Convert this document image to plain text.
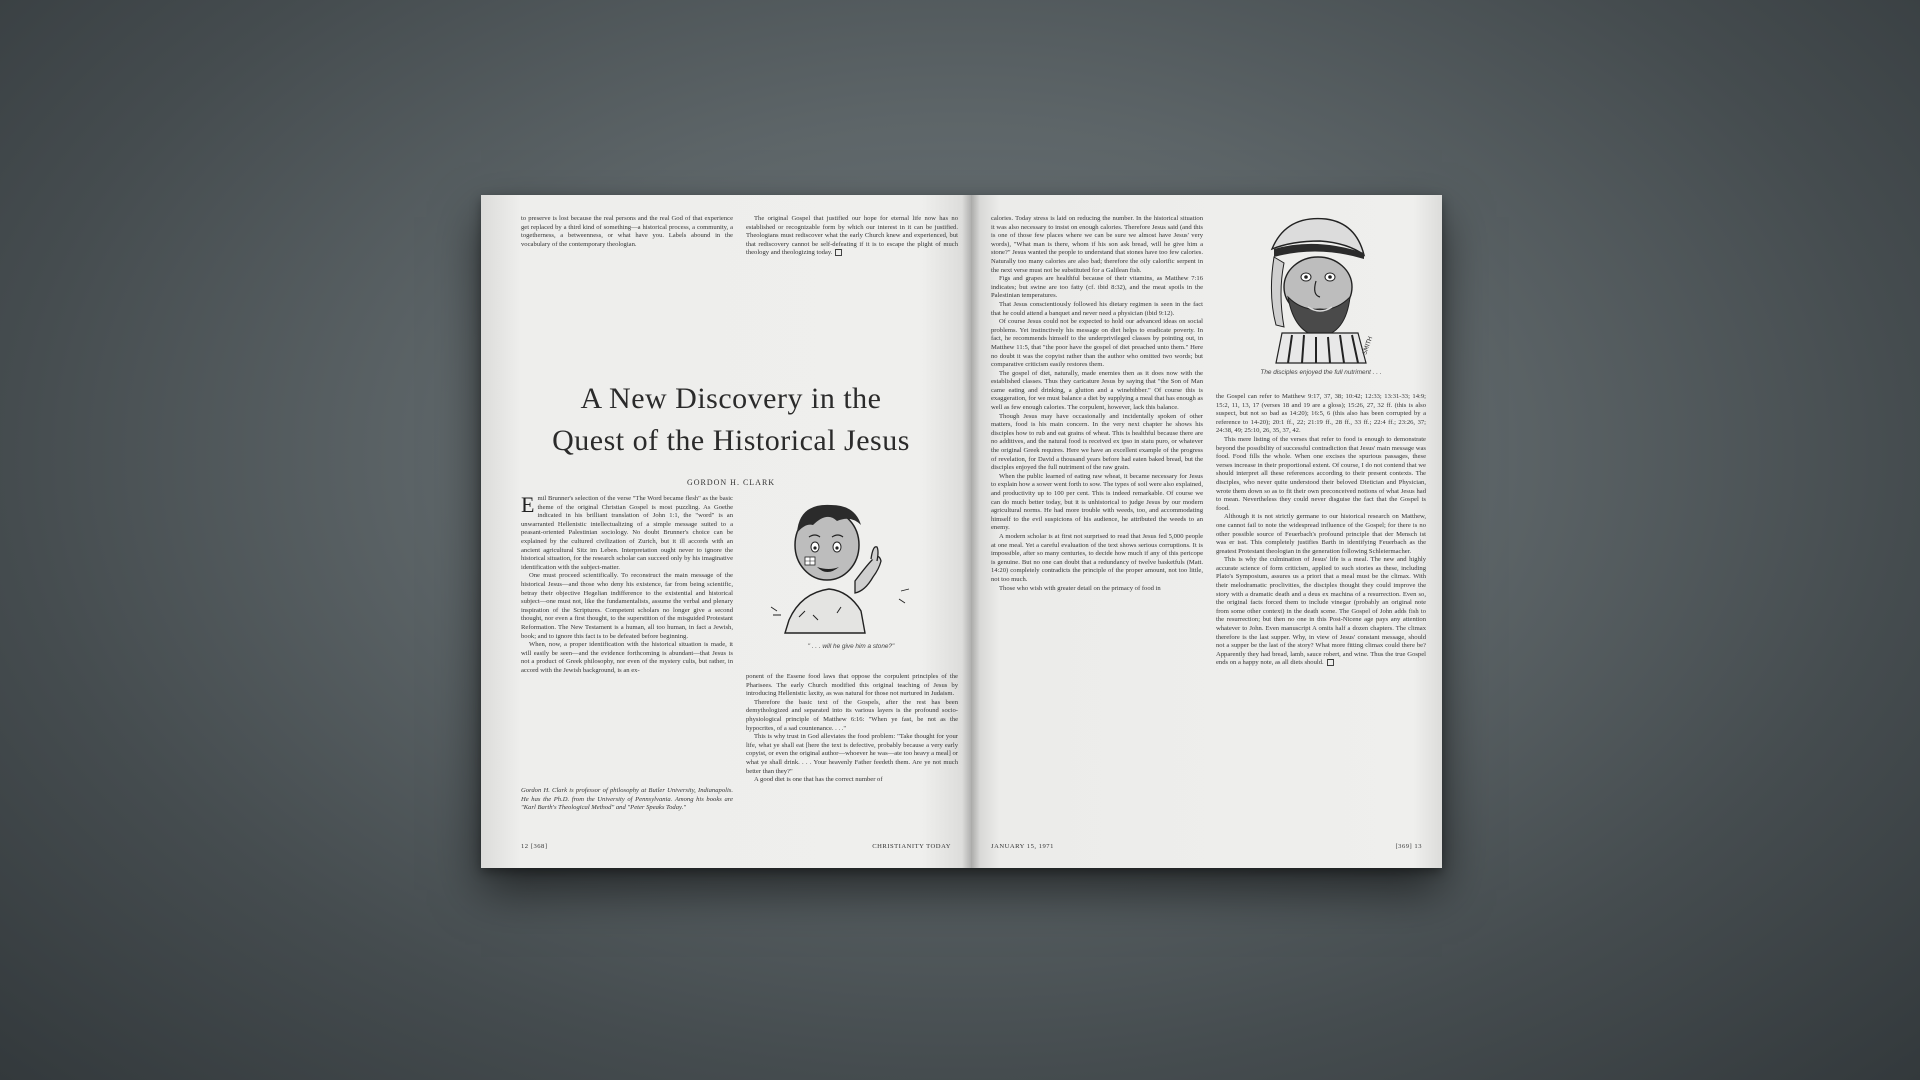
to preserve is lost because the real persons and the real God of that experience get replaced by a third kind of something—a historical process, a community, a togetherness, a betweenness, or what have you. Labels abound in the vocabulary of the contemporary theologian.

The original Gospel that justified our hope for eternal life now has no established or recognizable form by which our interest in it can be justified. Theologians must rediscover what the early Church knew and experienced, but that rediscovery cannot be self-defeating if it is to escape the plight of much theology and theologizing today.

A New Discovery in the
Quest of the Historical Jesus
GORDON H. CLARK

Emil Brunner's selection of the verse "The Word became flesh" as the basic theme of the original Christian Gospel is most puzzling. As Goethe indicated in his brilliant translation of John 1:1, the "word" is an unwarranted Hellenistic intellectualizing of a simple message suited to a peasant-oriented Palestinian sociology. No doubt Brunner's choice can be explained by the cultured civilization of Zurich, but it ill accords with an ancient agricultural Sitz im Leben. Interpretation ought never to ignore the historical situation, for the research scholar can succeed only by his imaginative identification with the subject-matter.

One must proceed scientifically. To reconstruct the main message of the historical Jesus—and those who deny his existence, far from being scientific, betray their objective Hegelian indifference to the existential and historical subject—one must not, like the fundamentalists, assume the verbal and plenary inspiration of the Scriptures. Competent scholars no longer give a second thought, nor even a first thought, to the superstition of the misguided Protestant Reformation. The New Testament is a human, all too human, in fact a Jewish, book; and to ignore this fact is to be defeated before beginning.

When, now, a proper identification with the historical situation is made, it will easily be seen—and the evidence forthcoming is abundant—that Jesus is not a product of Greek philosophy, nor even of the mystery cults, but rather, in accord with the Jewish background, is an ex-

Gordon H. Clark is professor of philosophy at Butler University, Indianapolis. He has the Ph.D. from the University of Pennsylvania. Among his books are "Karl Barth's Theological Method" and "Peter Speaks Today."
" . . . will he give him a stone?"

ponent of the Essene food laws that oppose the corpulent principles of the Pharisees. The early Church modified this original teaching of Jesus by introducing Hellenistic laxity, as was natural for those not nurtured in Judaism.

Therefore the basic text of the Gospels, after the rest has been demythologized and separated into its various layers is the profound socio-physiological principle of Matthew 6:16: "When ye fast, be not as the hypocrites, of a sad countenance. . . ."

This is why trust in God alleviates the food problem: "Take thought for your life, what ye shall eat [here the text is defective, probably because a very early copyist, or even the original author—whoever he was—ate too heavy a meal] or what ye shall drink. . . . Your heavenly Father feedeth them. Are ye not much better than they?"

A good diet is one that has the correct number of

12 [368]	CHRISTIANITY TODAY

calories. Today stress is laid on reducing the number. In the historical situation it was also necessary to insist on enough calories. Therefore Jesus said (and this is one of those few places where we can be sure we almost have Jesus' very words), "What man is there, whom if his son ask bread, will he give him a stone?" Jesus wanted the people to understand that stones have too few calories. Naturally too many calories are also bad; therefore the oily calorific serpent in the next verse must not be substituted for a Galilean fish.

Figs and grapes are healthful because of their vitamins, as Matthew 7:16 indicates; but swine are too fatty (cf. ibid 8:32), and the meat spoils in the Palestinian temperatures.

That Jesus conscientiously followed his dietary regimen is seen in the fact that he could attend a banquet and never need a physician (ibid 9:12).

Of course Jesus could not be expected to hold our advanced ideas on social problems. Yet instinctively his message on diet helps to eradicate poverty. In fact, he recommends himself to the underprivileged classes by pointing out, in Matthew 11:5, that "the poor have the gospel of diet preached unto them." Here no doubt it was the copyist rather than the author who omitted two words; but comparative criticism easily restores them.

The gospel of diet, naturally, made enemies then as it does now with the established classes. Thus they caricature Jesus by saying that "the Son of Man came eating and drinking, a glutton and a winebibber." Of course this is exaggeration, for we must balance a diet by supplying a meal that has enough as well as few enough calories. The corpulent, however, lack this balance.

Though Jesus may have occasionally and incidentally spoken of other matters, food is his main concern. In the very next chapter he shows his disciples how to rub and eat grains of wheat. This is healthful because there are no additives, and the natural food is received ex ipso in statu puro, or whatever the original Greek requires. Here we have an excellent example of the progress of revelation, for David a thousand years before had eaten baked bread, but the disciples enjoyed the full nutriment of the raw grain.

When the public learned of eating raw wheat, it became necessary for Jesus to explain how a sower went forth to sow. The types of soil were also explained, and productivity up to 100 per cent. This is indeed remarkable. Of course we can do much better today, but it is unhistorical to judge Jesus by our modern agricultural norms. He had more trouble with weeds, too, and accommodating himself to the evil suspicions of his audience, he attributed the weeds to an enemy.

A modern scholar is at first not surprised to read that Jesus fed 5,000 people at one meal. Yet a careful evaluation of the text shows serious corruptions. It is impossible, after so many centuries, to decide how much if any of this pericope is genuine. But no one can doubt that a redundancy of twelve basketfuls (Matt. 14:20) completely contradicts the principle of the proper amount, not too little, not too much.

Those who wish with greater detail on the primacy of food in

SMITH
The disciples enjoyed the full nutriment . . .

the Gospel can refer to Matthew 9:17, 37, 38; 10:42; 12:33; 13:31-33; 14:9; 15:2, 11, 13, 17 (verses 18 and 19 are a gloss); 15:26, 27, 32 ff. (this is also suspect, but not so bad as 14:20); 16:5, 6 (this also has been corrupted by a reference to 14-20); 20:1 ff., 22; 21:19 ff., 28 ff., 33 ff.; 22:4 ff.; 23:26, 37; 24:38, 49; 25:10, 26, 35, 37, 42.

This mere listing of the verses that refer to food is enough to demonstrate beyond the possibility of successful contradiction that Jesus' main message was food. Food fills the whole. When one excises the spurious passages, these verses increase in their proportional extent. Of course, I do not contend that we should interpret all these references according to their present contexts. The disciples, who never quite understood their beloved Dietician and Physician, wrote them down so as to fit their own preconceived notions of what Jesus had to mean. Nevertheless they could never disguise the fact that the Gospel is food.

Although it is not strictly germane to our historical research on Matthew, one cannot fail to note the widespread influence of the Gospel; for there is no other possible source of Feuerbach's profound principle that der Mensch ist was er isst. This completely justifies Barth in identifying Feuerbach as the greatest Protestant theologian in the generation following Schleiermacher.

This is why the culmination of Jesus' life is a meal. The new and highly accurate science of form criticism, applied to such stories as these, including Plato's Symposium, assures us a priori that a meal must be the climax. With their melodramatic proclivities, the disciples thought they could improve the story with a dramatic death and a deus ex machina of a resurrection. Even so, the original facts forced them to include vinegar (probably an original note from some other context) in the death scene. The Gospel of John adds fish to the resurrection; but then no one in this Post-Nicene age pays any attention whatever to John. Even manuscript A omits half a dozen chapters. The climax therefore is the last supper. Why, in view of Jesus' constant message, should not a supper be the last of the story? What more fitting climax could there be? Apparently they had bread, lamb, sauce robert, and wine. Thus the true Gospel ends on a happy note, as all diets should.

JANUARY 15, 1971	[369] 13
